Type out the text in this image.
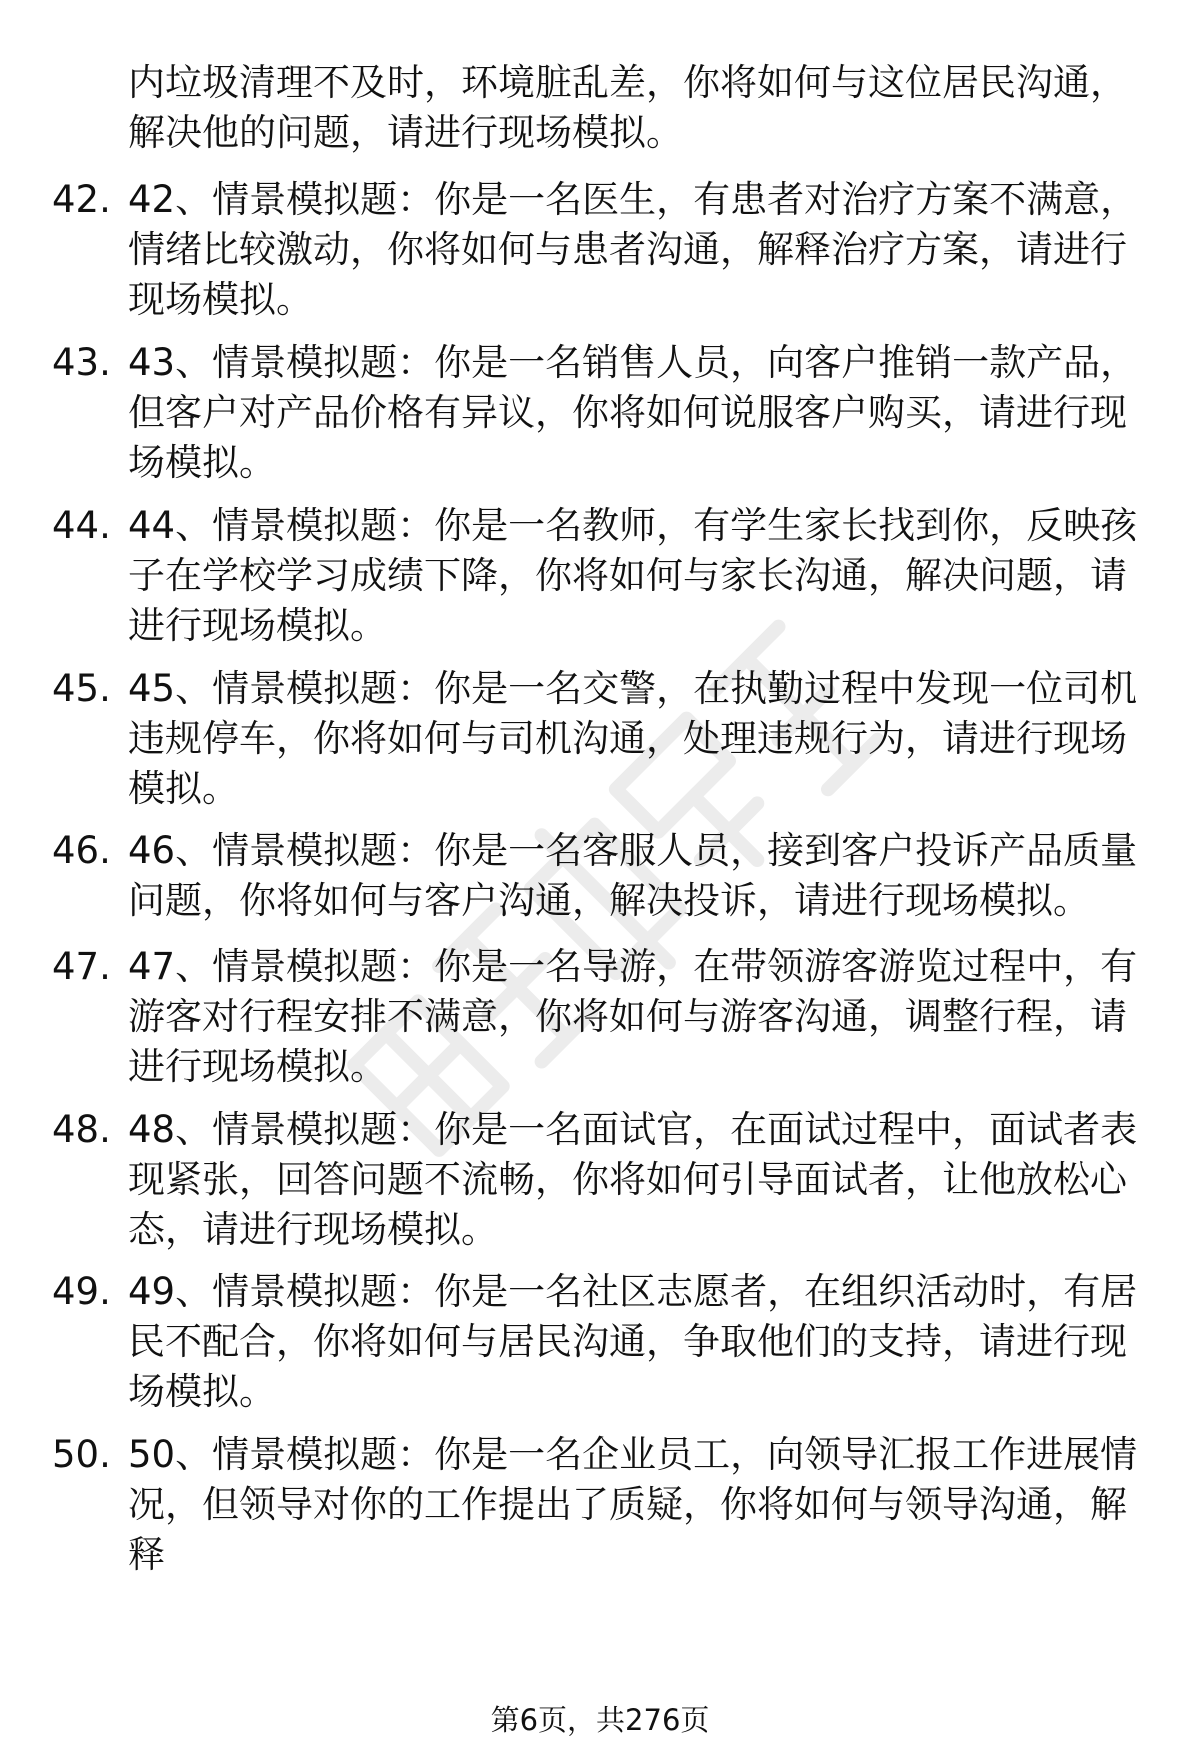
内垃圾清理不及时，环境脏乱差，你将如何与这位居民沟通，解决他的问题，请进行现场模拟。
42. 42、情景模拟题：你是一名医生，有患者对治疗方案不满意，情绪比较激动，你将如何与患者沟通，解释治疗方案，请进行现场模拟。
43. 43、情景模拟题：你是一名销售人员，向客户推销一款产品，但客户对产品价格有异议，你将如何说服客户购买，请进行现场模拟。
44. 44、情景模拟题：你是一名教师，有学生家长找到你，反映孩子在学校学习成绩下降，你将如何与家长沟通，解决问题，请进行现场模拟。
45. 45、情景模拟题：你是一名交警，在执勤过程中发现一位司机违规停车，你将如何与司机沟通，处理违规行为，请进行现场模拟。
46. 46、情景模拟题：你是一名客服人员，接到客户投诉产品质量问题，你将如何与客户沟通，解决投诉，请进行现场模拟。
47. 47、情景模拟题：你是一名导游，在带领游客游览过程中，有游客对行程安排不满意，你将如何与游客沟通，调整行程，请进行现场模拟。
48. 48、情景模拟题：你是一名面试官，在面试过程中，面试者表现紧张，回答问题不流畅，你将如何引导面试者，让他放松心态，请进行现场模拟。
49. 49、情景模拟题：你是一名社区志愿者，在组织活动时，有居民不配合，你将如何与居民沟通，争取他们的支持，请进行现场模拟。
50. 50、情景模拟题：你是一名企业员工，向领导汇报工作进展情况，但领导对你的工作提出了质疑，你将如何与领导沟通，解释
第6页，共276页
